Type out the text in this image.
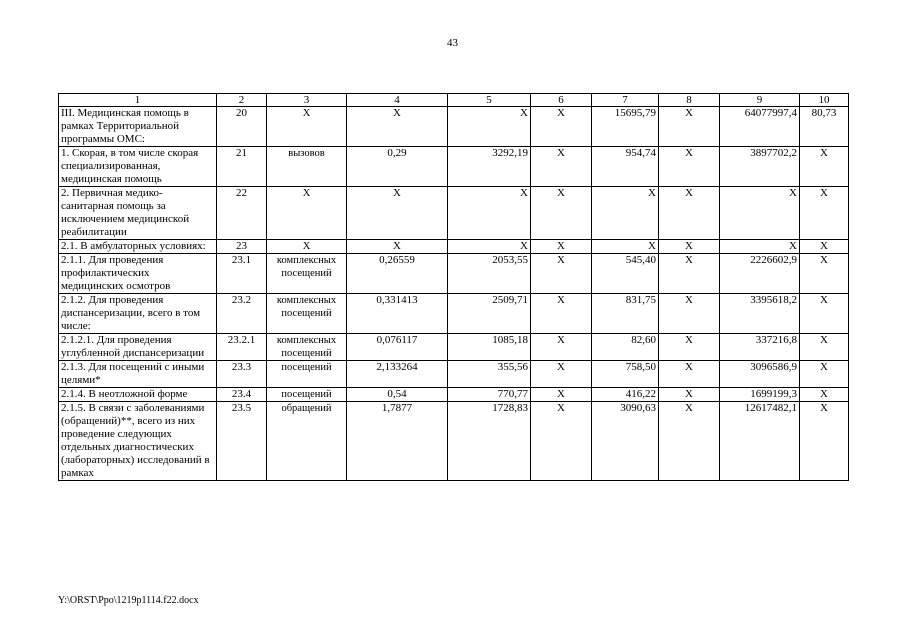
43
1	2	3	4	5	6	7	8	9	10
III. Медицинская помощь в рамках Территориальной программы ОМС:	20	Х	Х	Х	Х	15695,79	Х	64077997,4	80,73
1. Скорая, в том числе скорая специализированная, медицинская помощь	21	вызовов	0,29	3292,19	Х	954,74	Х	3897702,2	Х
2. Первичная медико-санитарная помощь за исключением медицинской реабилитации	22	Х	Х	Х	Х	Х	Х	Х	Х
2.1. В амбулаторных условиях:	23	Х	Х	Х	Х	Х	Х	Х	Х
2.1.1. Для проведения профилактических медицинских осмотров	23.1	комплексных посещений	0,26559	2053,55	Х	545,40	Х	2226602,9	Х
2.1.2. Для проведения диспансеризации, всего в том числе:	23.2	комплексных посещений	0,331413	2509,71	Х	831,75	Х	3395618,2	Х
2.1.2.1. Для проведения углубленной диспансеризации	23.2.1	комплексных посещений	0,076117	1085,18	Х	82,60	Х	337216,8	Х
2.1.3. Для посещений с иными целями*	23.3	посещений	2,133264	355,56	Х	758,50	Х	3096586,9	Х
2.1.4. В неотложной форме	23.4	посещений	0,54	770,77	Х	416,22	Х	1699199,3	Х
2.1.5. В связи с заболеваниями (обращений)**, всего из них проведение следующих отдельных диагностических (лабораторных) исследований в рамках	23.5	обращений	1,7877	1728,83	Х	3090,63	Х	12617482,1	Х
Y:\ORST\Ppo\1219p1114.f22.docx
